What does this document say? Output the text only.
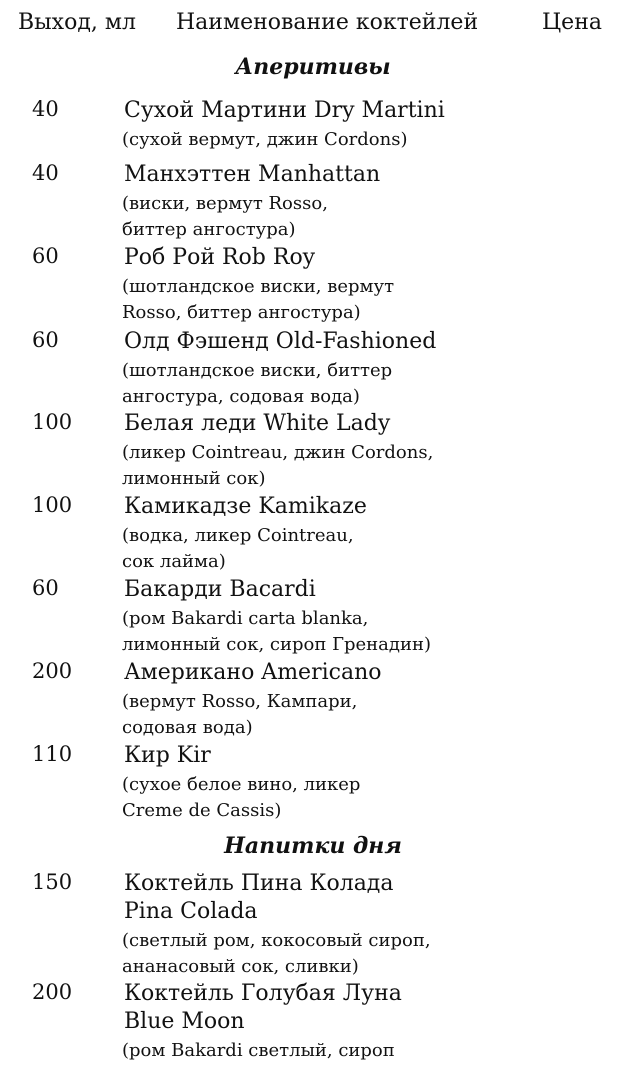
Выход, мл Наименование коктейлей	Цена
Аперитивы
40	Сухой Мартини Dry Martini
(сухой вермут, джин Cordons)
40	Манхэттен Manhattan
(виски, вермут Rosso,
биттер ангостура)
60	Роб Рой Rob Roy
(шотландское виски, вермут
Rosso, биттер ангостура)
60	Олд Фэшенд Old-Fashioned
(шотландское виски, биттер
ангостура, содовая вода)
100 Белая леди White Lady
(ликер Cointreau, джин Cordons,
лимонный сок)
100 Камикадзе Kamikaze
(водка, ликер Cointreau,
сок лайма)
60	Бакарди Bacardi
(ром Bakardi carta blanka,
лимонный сок, сироп Гренадин)
200 Американо Americano
(вермут Rosso, Кампари,
содовая вода)
110 Кир Kir
(сухое белое вино, ликер
Creme de Cassis)
Напитки дня
150 Коктейль Пина Колада
Pina Colada
(светлый ром, кокосовый сироп,
ананасовый сок, сливки)
200 Коктейль Голубая Луна
Blue Moon
(ром Bakardi светлый, сироп
